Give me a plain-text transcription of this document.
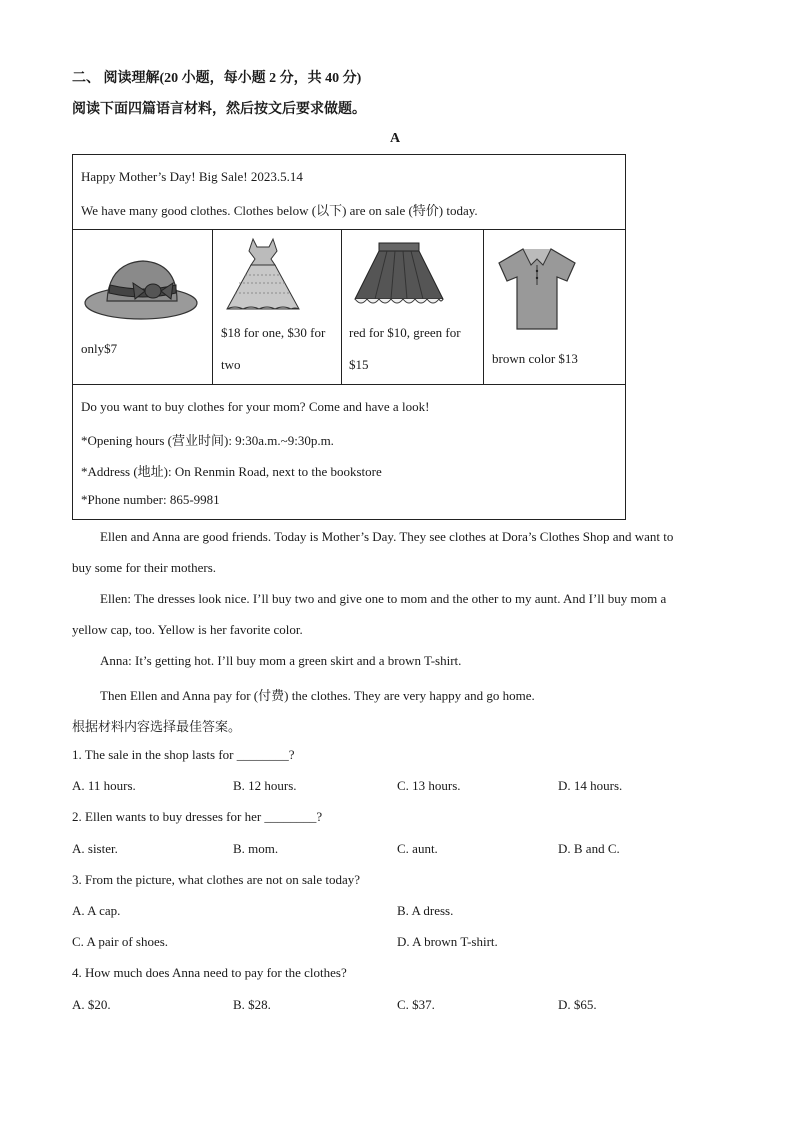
二、 阅读理解(20 小题，每小题 2 分，共 40 分)
阅读下面四篇语言材料，然后按文后要求做题。
A
Happy Mother’s Day! Big Sale! 2023.5.14
We have many good clothes. Clothes below (以下) are on sale (特价) today.
only$7
$18 for one, $30 for
two
red for $10, green for
$15	brown color $13
Do you want to buy clothes for your mom? Come and have a look!
*Opening hours (营业时间): 9:30a.m.~9:30p.m.
*Address (地址): On Renmin Road, next to the bookstore
*Phone number: 865-9981
Ellen and Anna are good friends. Today is Mother’s Day. They see clothes at Dora’s Clothes Shop and want to
buy some for their mothers.
Ellen: The dresses look nice. I’ll buy two and give one to mom and the other to my aunt. And I’ll buy mom a
yellow cap, too. Yellow is her favorite color.
Anna: It’s getting hot. I’ll buy mom a green skirt and a brown T-shirt.
Then Ellen and Anna pay for (付费) the clothes. They are very happy and go home.
根据材料内容选择最佳答案。
1. The sale in the shop lasts for ________?
A. 11 hours.	B. 12 hours.	C. 13 hours.	D. 14 hours.
2. Ellen wants to buy dresses for her ________?
A. sister.	B. mom.	C. aunt.	D. B and C.
3. From the picture, what clothes are not on sale today?
A. A cap.	B. A dress.
C. A pair of shoes.	D. A brown T-shirt.
4. How much does Anna need to pay for the clothes?
A. $20.	B. $28.	C. $37.	D. $65.
